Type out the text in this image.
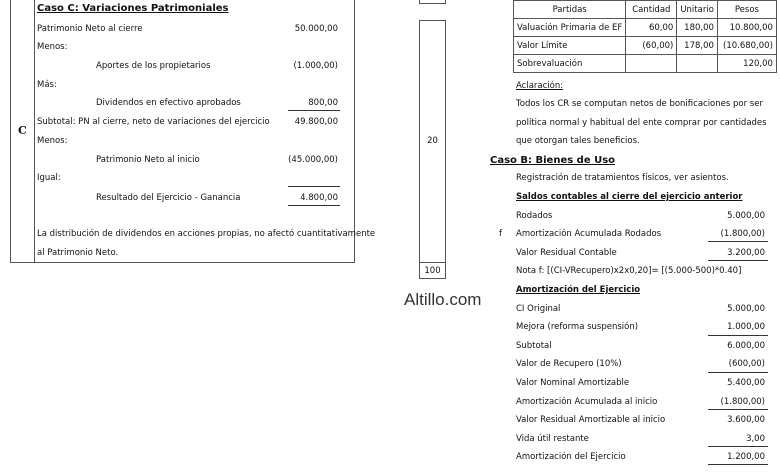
C
Caso C: Variaciones Patrimoniales
Patrimonio Neto al cierre	50.000,00
Menos:
Aportes de los propietarios	(1.000,00)
Más:
Dividendos en efectivo aprobados	800,00
Subtotal: PN al cierre, neto de variaciones del ejercicio	49.800,00
Menos:
Patrimonio Neto al inicio	(45.000,00)
Igual:
Resultado del Ejercicio - Ganancia	4.800,00
La distribución de dividendos en acciones propias, no afectó cuantitativamente
al Patrimonio Neto.
20
100
Altillo.com
Partidas	Cantidad	Unitario	Pesos
Valuación Primaria de EF	60,00	180,00	10.800,00
Valor Límite	(60,00)	178,00	(10.680,00)
Sobrevaluación			120,00
Aclaración:
Todos los CR se computan netos de bonificaciones por ser
política normal y habitual del ente comprar por cantidades
que otorgan tales beneficios.
Caso B: Bienes de Uso
Registración de tratamientos físicos, ver asientos.
Saldos contables al cierre del ejercicio anterior
Rodados	5.000,00
f Amortización Acumulada Rodados	(1.800,00)
Valor Residual Contable	3.200,00
Nota f: [(CI-VRecupero)x2x0,20]= [(5.000-500)*0.40]
Amortización del Ejercicio
CI Original	5.000,00
Mejora (reforma suspensión)	1.000,00
Subtotal	6.000,00
Valor de Recupero (10%)	(600,00)
Valor Nominal Amortizable	5.400,00
Amortización Acumulada al inicio	(1.800,00)
Valor Residual Amortizable al inicio	3.600,00
Vida útil restante	3,00
Amortización del Ejercicio	1.200,00
